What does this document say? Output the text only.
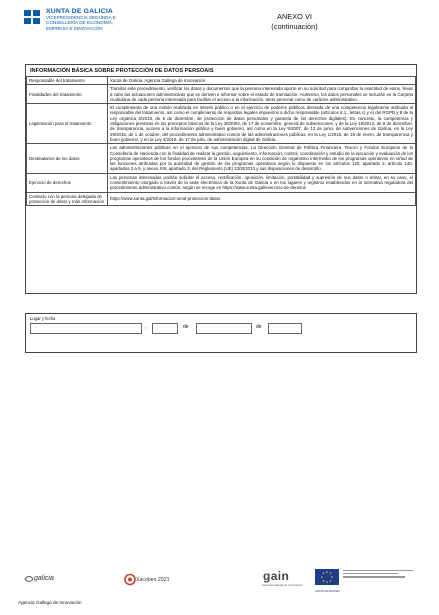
XUNTA DE GALICIA
VICEPRESIDENCIA SEGUNDA E
CONSELLERÍA DE ECONOMÍA,
EMPRESA E INNOVACIÓN
ANEXO VI
(continuación)
INFORMACIÓN BÁSICA SOBRE PROTECCIÓN DE DATOS PERSOAIS
Responsable del tratamiento	Xunta de Galicia. Agencia Gallega de Innovación
Finalidades del tratamiento	Tramitar este procedimiento, verificar los datos y documentos que la persona interesada aporte en su solicitud para comprobar la exactitud de estos, llevar a cabo las actuaciones administrativas que se deriven e informar sobre el estado de tramitación. Asimismo, los datos personales se incluirán en la Carpeta ciudadana de cada persona interesada para facilitar el acceso a la información, tanto personal como de carácter administrativo.
Legitimación para el tratamiento	El cumplimiento de una misión realizada en interés público o en el ejercicio de poderes públicos derivada de una competencia legalmente atribuida al responsable del tratamiento, así como el cumplimiento de requisitos legales impuestos a dicho responsable (artículos 6.1., letras c) y e) del RGPD y 8 de la Ley orgánica 3/2018, de 5 de diciembre, de protección de datos personales y garantía de los derechos digitales). En concreto, la competencia y obligaciones previstas en los preceptos básicos de la Ley 38/2003, de 17 de noviembre, general de subvenciones, y de la Ley 19/2013, de 9 de diciembre, de transparencia, acceso a la información pública y buen gobierno, así como en la Ley 9/2007, de 13 de junio, de subvenciones de Galicia, en la Ley 39/2015, de 1 de octubre, del procedimiento administrativo común de las administraciones públicas, en la Ley 1/2016, de 18 de enero, de transparencia y buen gobierno, y en la Ley 4/2019, de 17 de julio, de administración digital de Galicia.
Destinatarios de los datos	Las administraciones públicas en el ejercicio de sus competencias. La Dirección General de Política Financiera, Tesoro y Fondos Europeos de la Consellería de Hacienda con la finalidad de realizar la gestión, seguimiento, información, control, coordinación y estudio de la ejecución y evaluación de los programas operativos de los fondos procedentes de la Unión Europea en su condición de organismo intermedio de los programas operativos en virtud de las funciones atribuidas por la autoridad de gestión de los programas operativos según lo dispuesto en los artículos 125, apartado 2, artículo 140, apartados 3 a 5, y anexo XIII, apartado 3, del Reglamento (UE) 1303/2013 y sus disposiciones de desarrollo.
Ejercicio de derechos	Las personas interesadas podrán solicitar el acceso, rectificación, oposición, limitación, portabilidad y supresión de sus datos o retirar, en su caso, el consentimiento otorgado a través de la sede electrónica de la Xunta de Galicia o en los lugares y registros establecidos en la normativa reguladora del procedimiento administrativo común, según se recoge en https://www.xunta.gal/exercicio-de-dereitos
Contacto con la persona delegada de protección de datos y más información	https://www.xunta.gal/informacion-xeral-proteccion-datos
Lugar y fecha
,	de	de
galicia	Xacobeo 2021	gain
Axencia Galega de Innovación
UNIÓN EUROPEA
Agencia Gallega de Innovación
